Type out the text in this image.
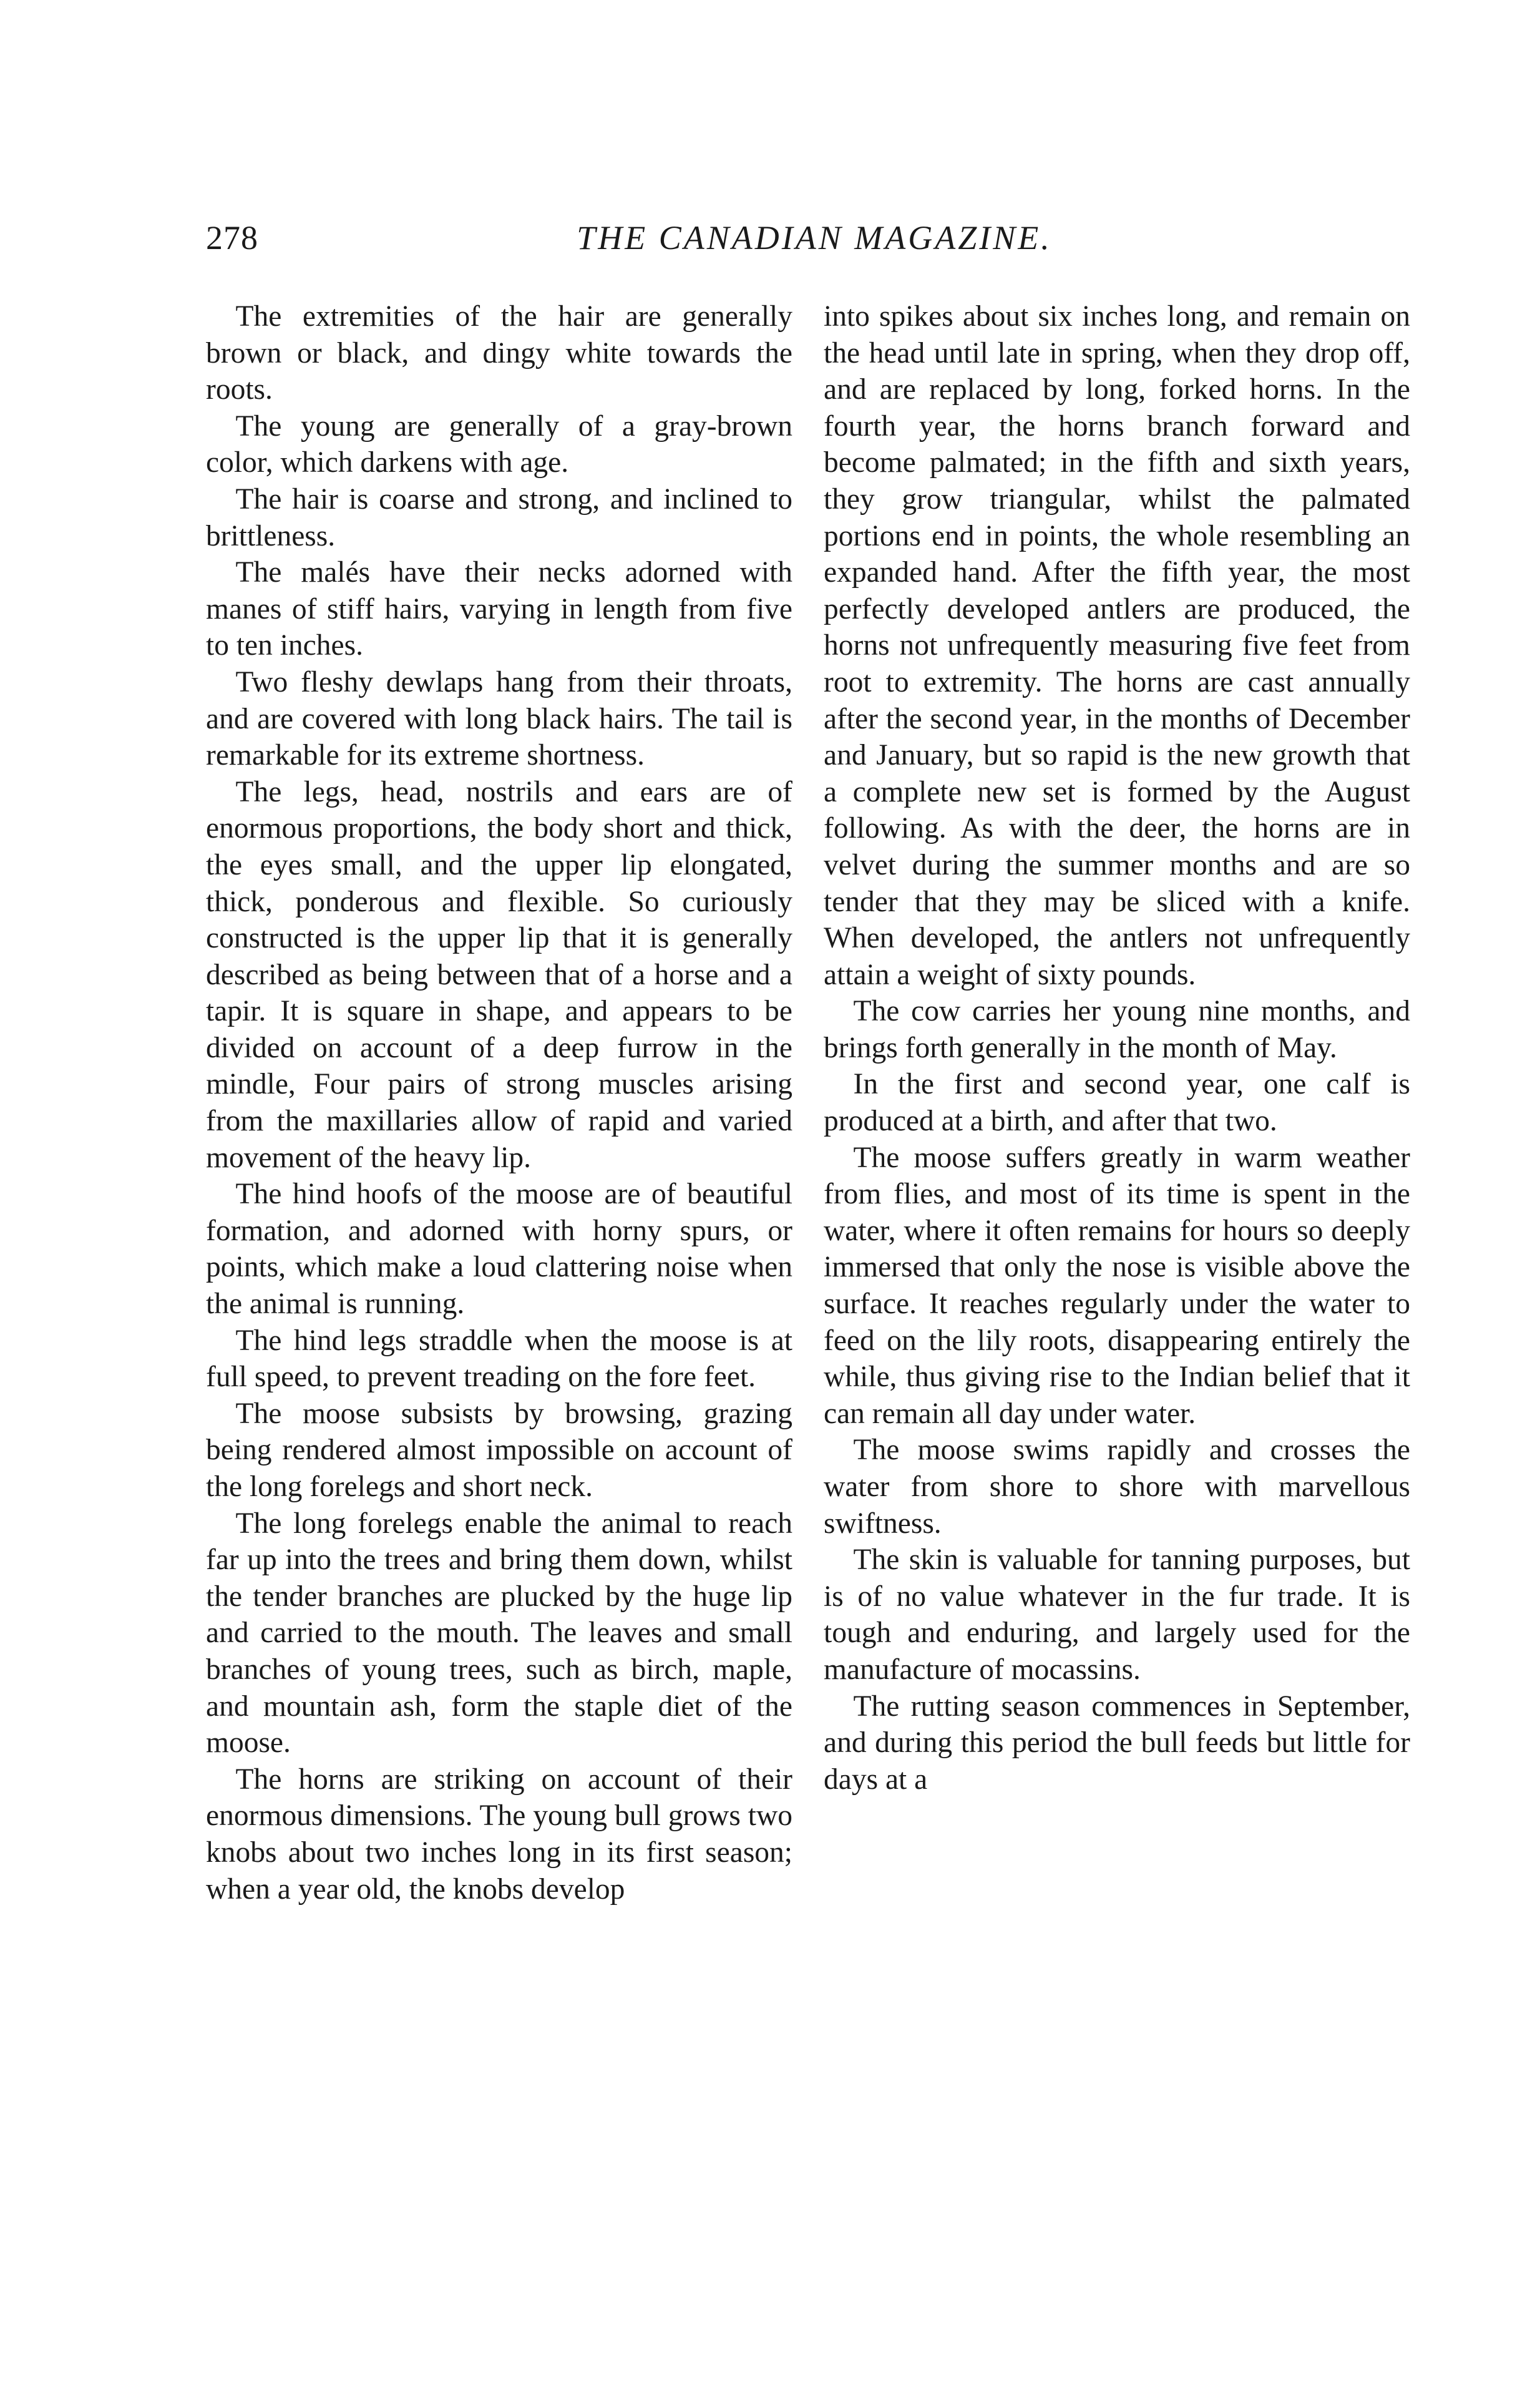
278	THE CANADIAN MAGAZINE.

The extremities of the hair are generally brown or black, and dingy white towards the roots.

The young are generally of a gray-brown color, which darkens with age.

The hair is coarse and strong, and inclined to brittleness.

The malés have their necks adorned with manes of stiff hairs, varying in length from five to ten inches.

Two fleshy dewlaps hang from their throats, and are covered with long black hairs. The tail is remarkable for its extreme shortness.

The legs, head, nostrils and ears are of enormous proportions, the body short and thick, the eyes small, and the upper lip elongated, thick, ponderous and flexible. So curiously constructed is the upper lip that it is generally described as being between that of a horse and a tapir. It is square in shape, and appears to be divided on account of a deep furrow in the mindle, Four pairs of strong muscles arising from the maxillaries allow of rapid and varied movement of the heavy lip.

The hind hoofs of the moose are of beautiful formation, and adorned with horny spurs, or points, which make a loud clattering noise when the animal is running.

The hind legs straddle when the moose is at full speed, to prevent treading on the fore feet.

The moose subsists by browsing, grazing being rendered almost impossible on account of the long forelegs and short neck.

The long forelegs enable the animal to reach far up into the trees and bring them down, whilst the tender branches are plucked by the huge lip and carried to the mouth. The leaves and small branches of young trees, such as birch, maple, and mountain ash, form the staple diet of the moose.

The horns are striking on account of their enormous dimensions. The young bull grows two knobs about two inches long in its first season; when a year old, the knobs develop

into spikes about six inches long, and remain on the head until late in spring, when they drop off, and are replaced by long, forked horns. In the fourth year, the horns branch forward and become palmated; in the fifth and sixth years, they grow triangular, whilst the palmated portions end in points, the whole resembling an expanded hand. After the fifth year, the most perfectly developed antlers are produced, the horns not unfrequently measuring five feet from root to extremity. The horns are cast annually after the second year, in the months of December and January, but so rapid is the new growth that a complete new set is formed by the August following. As with the deer, the horns are in velvet during the summer months and are so tender that they may be sliced with a knife. When developed, the antlers not unfrequently attain a weight of sixty pounds.

The cow carries her young nine months, and brings forth generally in the month of May.

In the first and second year, one calf is produced at a birth, and after that two.

The moose suffers greatly in warm weather from flies, and most of its time is spent in the water, where it often remains for hours so deeply immersed that only the nose is visible above the surface. It reaches regularly under the water to feed on the lily roots, disappearing entirely the while, thus giving rise to the Indian belief that it can remain all day under water.

The moose swims rapidly and crosses the water from shore to shore with marvellous swiftness.

The skin is valuable for tanning purposes, but is of no value whatever in the fur trade. It is tough and enduring, and largely used for the manufacture of mocassins.

The rutting season commences in September, and during this period the bull feeds but little for days at a
